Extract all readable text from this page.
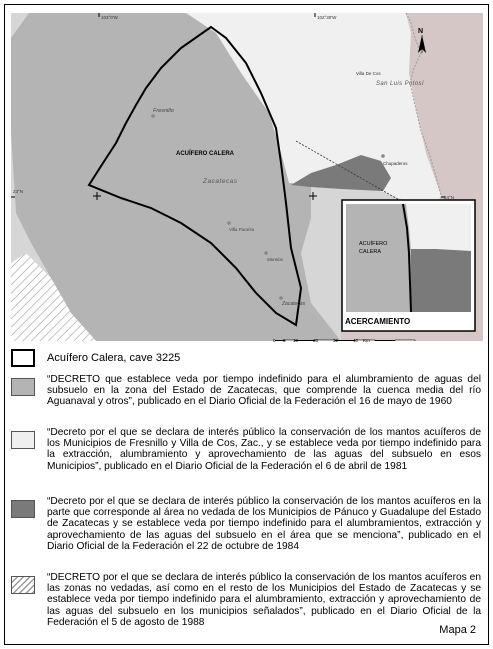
103°0'W	102°30'W
24°N
23°N
Fresnillo
ACUÍFERO CALERA
Zacatecas
Villa Paraíso
Morelos
Zacatecas
Villa De Cos
San Luis Potosí
Chupaderos
N
ACUÍFERO
CALERA
ACERCAMIENTO
0 5 10	20	30	40 Km
Acuífero Calera, cave 3225
“DECRETO que establece veda por tiempo indefinido para el alumbramiento de aguas del subsuelo en la zona del Estado de Zacatecas, que comprende la cuenca media del río Aguanaval y otros”, publicado en el Diario Oficial de la Federación el 16 de mayo de 1960
“Decreto por el que se declara de interés público la conservación de los mantos acuíferos de los Municipios de Fresnillo y Villa de Cos, Zac., y se establece veda por tiempo indefinido para la extracción, alumbramiento y aprovechamiento de las aguas del subsuelo en esos Municipios”, publicado en el Diario Oficial de la Federación el 6 de abril de 1981
“Decreto por el que se declara de interés público la conservación de los mantos acuíferos en la parte que corresponde al área no vedada de los Municipios de Pánuco y Guadalupe del Estado de Zacatecas y se establece veda por tiempo indefinido para el alumbramientos, extracción y aprovechamiento de las aguas del subsuelo en el área que se menciona”, publicado en el Diario Oficial de la Federación el 22 de octubre de 1984
“DECRETO por el que se declara de interés público la conservación de los mantos acuíferos en las zonas no vedadas, así como en el resto de los Municipios del Estado de Zacatecas y se establece veda por tiempo indefinido para el alumbramiento, extracción y aprovechamiento de las aguas del subsuelo en los municipios señalados”, publicado en el Diario Oficial de la Federación el 5 de agosto de 1988
Mapa 2
